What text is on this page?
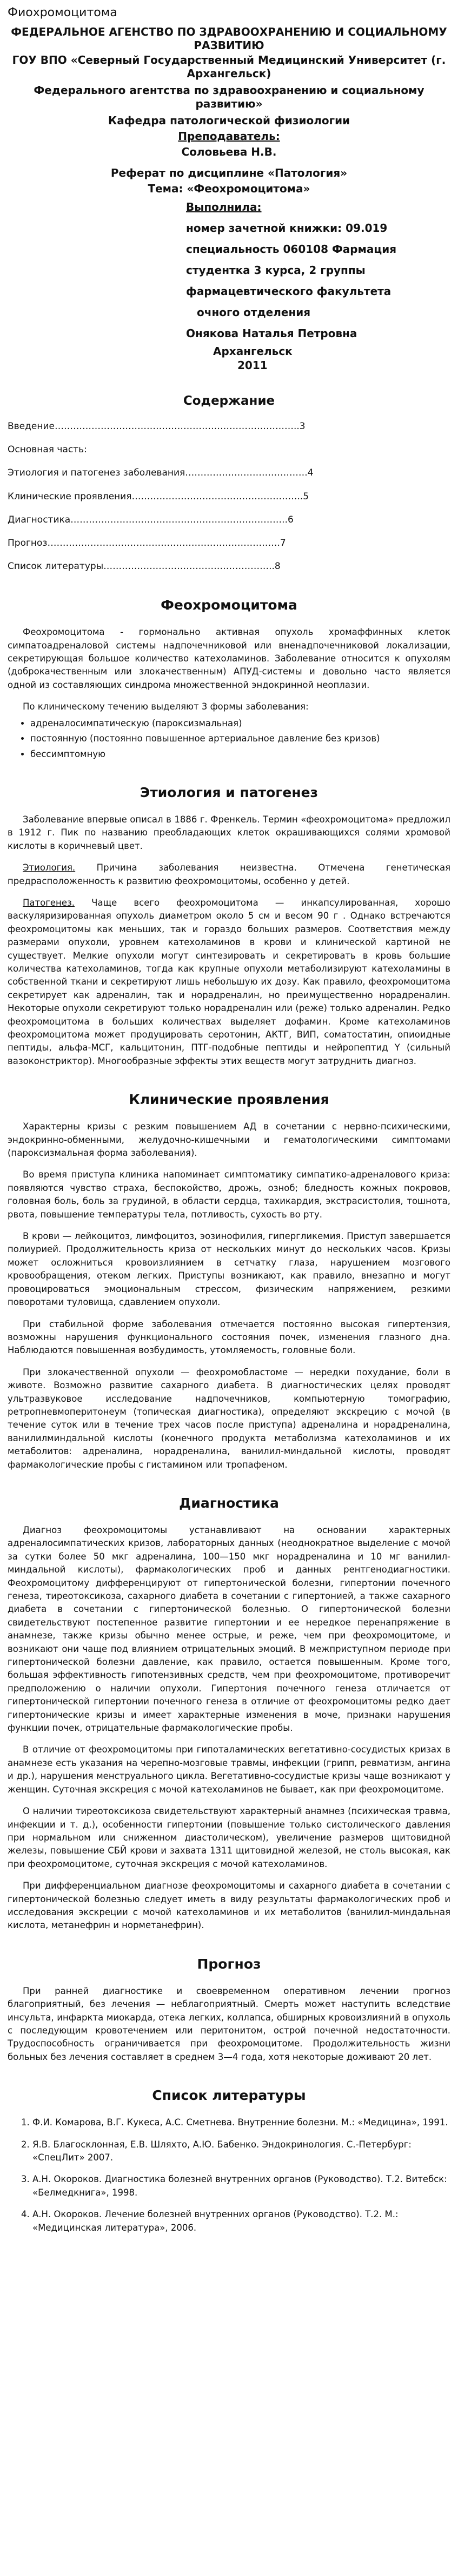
Фиохромоцитома

ФЕДЕРАЛЬНОЕ АГЕНСТВО ПО ЗДРАВООХРАНЕНИЮ И СОЦИАЛЬНОМУ РАЗВИТИЮ

ГОУ ВПО «Северный Государственный Медицинский Университет (г. Архангельск)

Федерального агентства по здравоохранению и социальному развитию»

Кафедра патологической физиологии

Преподаватель:

Соловьева Н.В.

Реферат по дисциплине «Патология»

Тема: «Феохромоцитома»

Выполнила:

номер зачетной книжки: 09.019

специальность 060108 Фармация

студентка 3 курса, 2 группы

фармацевтического факультета

очного отделения

Онякова Наталья Петровна

Архангельск

2011

Содержание

Введение……………………………………………………………………..3

Основная часть:

Этиология и патогенез заболевания………………………………….4

Клинические проявления………………………………………………..5

Диагностика……………………………………………………………..6

Прогноз………………………………………………………………….7

Список литературы………………………………………………..8

Феохромоцитома

Феохромоцитома - гормонально активная опухоль хромаффинных клеток симпатоадреналовой системы надпочечниковой или вненадпочечниковой локализации, секретирующая большое количество катехоламинов. Заболевание относится к опухолям (доброкачественным или злокачественным) АПУД-системы и довольно часто является одной из составляющих синдрома множественной эндокринной неоплазии.

По клиническому течению выделяют 3 формы заболевания:

• адреналосимпатическую (пароксизмальная)
• постоянную (постоянно повышенное артериальное давление без кризов)
• бессимптомную
Этиология и патогенез

Заболевание впервые описал в 1886 г. Френкель. Термин «феохромоцитома» предложил в 1912 г. Пик по названию преобладающих клеток окрашивающихся солями хромовой кислоты в коричневый цвет.

Этиология. Причина заболевания неизвестна. Отмечена генетическая предрасположенность к развитию феохромоцитомы, особенно у детей.

Патогенез. Чаще всего феохромоцитома — инкапсулированная, хорошо васкуляризированная опухоль диаметром около 5 см и весом 90 г . Однако встречаются феохромоцитомы как меньших, так и гораздо больших размеров. Соответствия между размерами опухоли, уровнем катехоламинов в крови и клинической картиной не существует. Мелкие опухоли могут синтезировать и секретировать в кровь большие количества катехоламинов, тогда как крупные опухоли метаболизируют катехоламины в собственной ткани и секретируют лишь небольшую их дозу. Как правило, феохромоцитома секретирует как адреналин, так и норадреналин, но преимущественно норадреналин. Некоторые опухоли секретируют только норадреналин или (реже) только адреналин. Редко феохромоцитома в больших количествах выделяет дофамин. Кроме катехоламинов феохромоцитома может продуцировать серотонин, АКТГ, ВИП, соматостатин, опиоидные пептиды, альфа-МСГ, кальцитонин, ПТГ-подобные пептиды и нейропептид Y (сильный вазоконстриктор). Многообразные эффекты этих веществ могут затруднить диагноз.

Клинические проявления

Характерны кризы с резким повышением АД в сочетании с нервно-психическими, эндокринно-обменными, желудочно-кишечными и гематологическими симптомами (пароксизмальная форма заболевания).

Во время приступа клиника напоминает симптоматику симпатико-адреналового криза: появляются чувство страха, беспокойство, дрожь, озноб; бледность кожных покровов, головная боль, боль за грудиной, в области сердца, тахикардия, экстрасистолия, тошнота, рвота, повышение температуры тела, потливость, сухость во рту.

В крови — лейкоцитоз, лимфоцитоз, эозинофилия, гипергликемия. Приступ завершается полиурией. Продолжительность криза от нескольких минут до нескольких часов. Кризы может осложниться кровоизлиянием в сетчатку глаза, нарушением мозгового кровообращения, отеком легких. Приступы возникают, как правило, внезапно и могут провоцироваться эмоциональным стрессом, физическим напряжением, резкими поворотами туловища, сдавлением опухоли.

При стабильной форме заболевания отмечается постоянно высокая гипертензия, возможны нарушения функционального состояния почек, изменения глазного дна. Наблюдаются повышенная возбудимость, утомляемость, головные боли.

При злокачественной опухоли — феохромобластоме — нередки похудание, боли в животе. Возможно развитие сахарного диабета. В диагностических целях проводят ультразвуковое исследование надпочечников, компьютерную томографию, ретропневмоперитонеум (топическая диагностика), определяют экскрецию с мочой (в течение суток или в течение трех часов после приступа) адреналина и норадреналина, ванилилминдальной кислоты (конечного продукта метаболизма катехоламинов и их метаболитов: адреналина, норадреналина, ванилил-миндальной кислоты, проводят фармакологические пробы с гистамином или тропафеном.

Диагностика

Диагноз феохромоцитомы устанавливают на основании характерных адреналосимпатических кризов, лабораторных данных (неоднократное выделение с мочой за сутки более 50 мкг адреналина, 100—150 мкг норадреналина и 10 мг ванилил-миндальной кислоты), фармакологических проб и данных рентгенодиагностики. Феохромоцитому дифференцируют от гипертонической болезни, гипертонии почечного генеза, тиреотоксикоза, сахарного диабета в сочетании с гипертонией, а также сахарного диабета в сочетании с гипертонической болезнью. О гипертонической болезни свидетельствуют постепенное развитие гипертонии и ее нередкое перенапряжение в анамнезе, также кризы обычно менее острые, и реже, чем при феохромоцитоме, и возникают они чаще под влиянием отрицательных эмоций. В межприступном периоде при гипертонической болезни давление, как правило, остается повышенным. Кроме того, большая эффективность гипотензивных средств, чем при феохромоцитоме, противоречит предположению о наличии опухоли. Гипертония почечного генеза отличается от гипертонической гипертонии почечного генеза в отличие от феохромоцитомы редко дает гипертонические кризы и имеет характерные изменения в моче, признаки нарушения функции почек, отрицательные фармакологические пробы.

В отличие от феохромоцитомы при гипоталамических вегетативно-сосудистых кризах в анамнезе есть указания на черепно-мозговые травмы, инфекции (грипп, ревматизм, ангина и др.), нарушения менструального цикла. Вегетативно-сосудистые кризы чаще возникают у женщин. Суточная экскреция с мочой катехоламинов не бывает, как при феохромоцитоме.

О наличии тиреотоксикоза свидетельствуют характерный анамнез (психическая травма, инфекции и т. д.), особенности гипертонии (повышение только систолического давления при нормальном или сниженном диастолическом), увеличение размеров щитовидной железы, повышение СБЙ крови и захвата 1311 щитовидной железой, не столь высокая, как при феохромоцитоме, суточная экскреция с мочой катехоламинов.

При дифференциальном диагнозе феохромоцитомы и сахарного диабета в сочетании с гипертонической болезнью следует иметь в виду результаты фармакологических проб и исследования экскреции с мочой катехоламинов и их метаболитов (ванилил-миндальная кислота, метанефрин и норметанефрин).

Прогноз

При ранней диагностике и своевременном оперативном лечении прогноз благоприятный, без лечения — неблагоприятный. Смерть может наступить вследствие инсульта, инфаркта миокарда, отека легких, коллапса, обширных кровоизлияний в опухоль с последующим кровотечением или перитонитом, острой почечной недостаточности. Трудоспособность ограничивается при феохромоцитоме. Продолжительность жизни больных без лечения составляет в среднем 3—4 года, хотя некоторые доживают 20 лет.

Список литературы
1. Ф.И. Комарова, В.Г. Кукеса, А.С. Сметнева. Внутренние болезни. М.: «Медицина», 1991.
2. Я.В. Благосклонная, Е.В. Шляхто, А.Ю. Бабенко. Эндокринология. С.-Петербург: «СпецЛит» 2007.
3. А.Н. Окороков. Диагностика болезней внутренних органов (Руководство). Т.2. Витебск: «Белмедкнига», 1998.
4. А.Н. Окороков. Лечение болезней внутренних органов (Руководство). Т.2. М.: «Медицинская литература», 2006.
